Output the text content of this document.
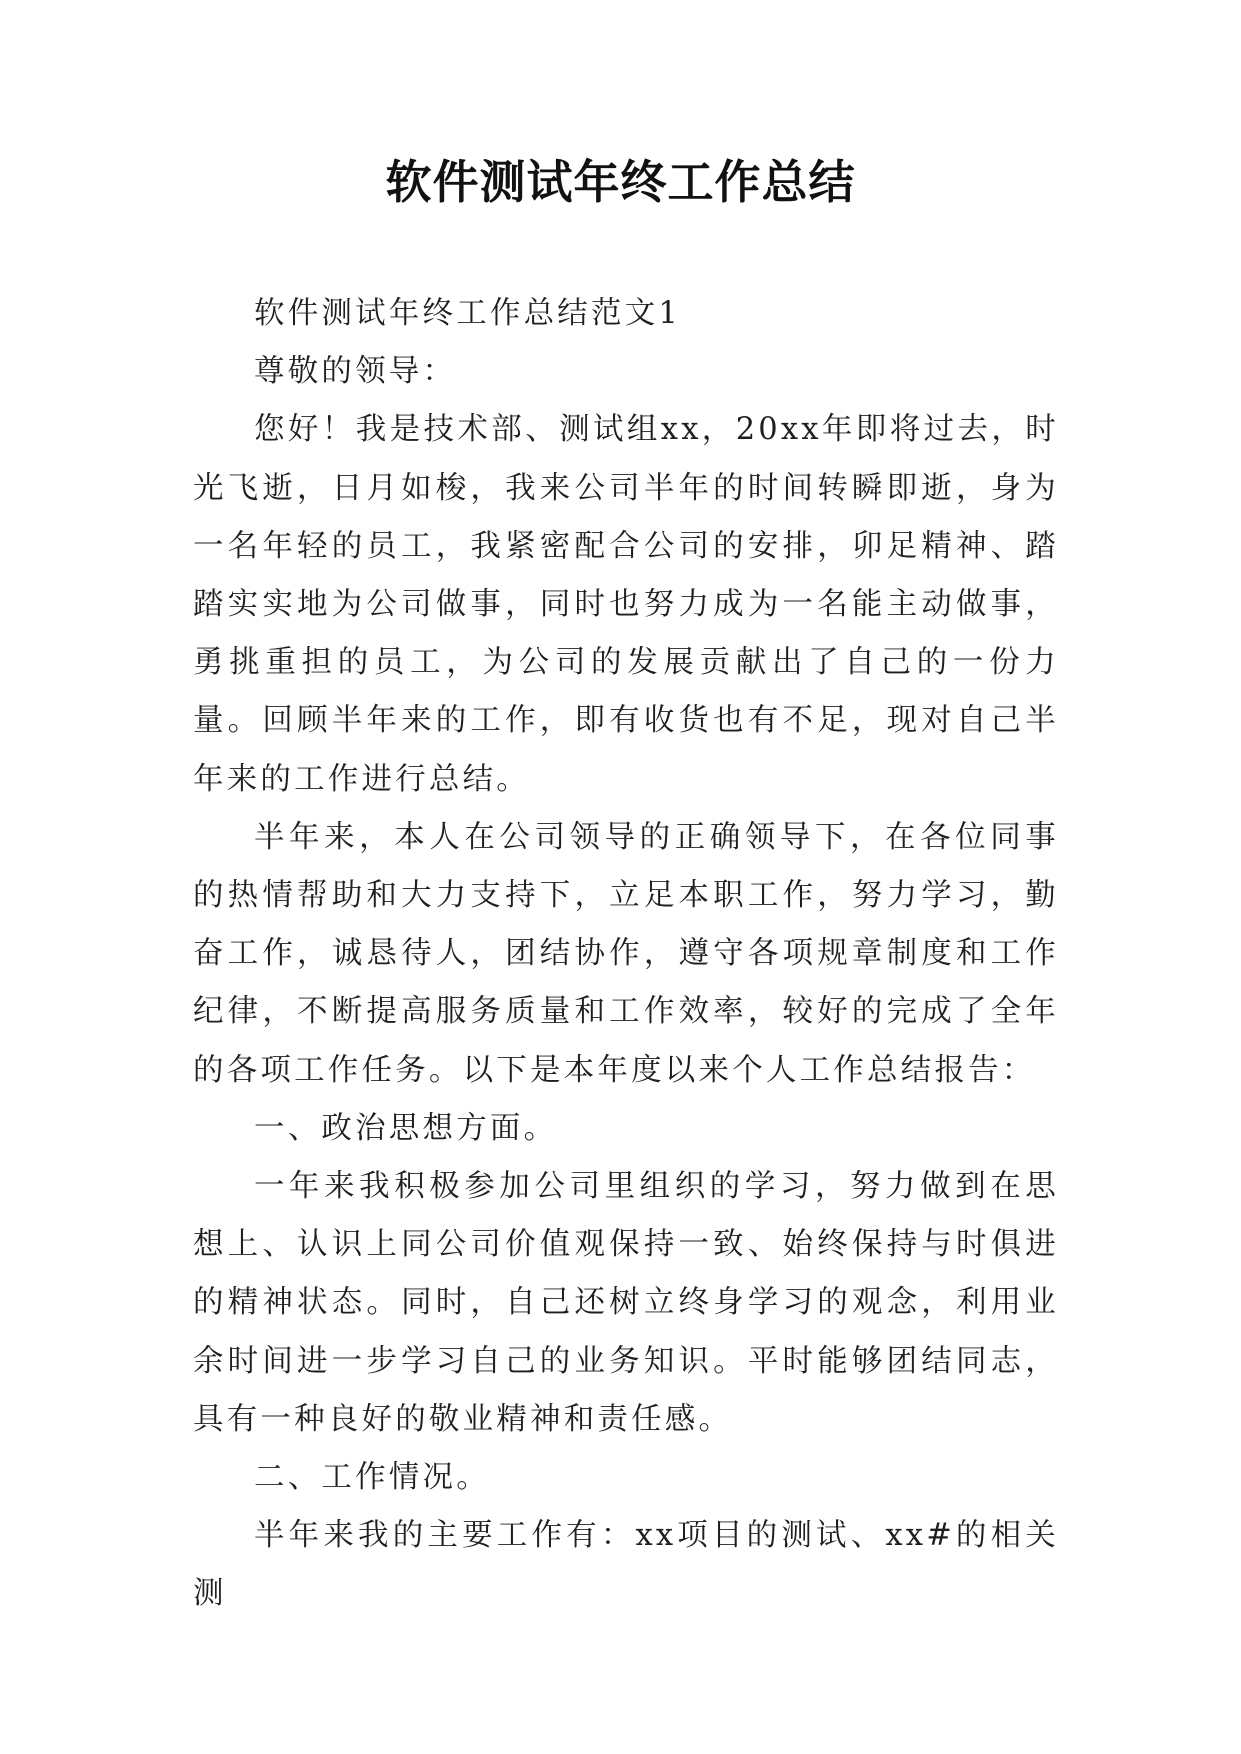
软件测试年终工作总结

软件测试年终工作总结范文1

尊敬的领导：

您好！我是技术部、测试组xx，20xx年即将过去，时光飞逝，日月如梭，我来公司半年的时间转瞬即逝，身为一名年轻的员工，我紧密配合公司的安排，卯足精神、踏踏实实地为公司做事，同时也努力成为一名能主动做事，勇挑重担的员工，为公司的发展贡献出了自己的一份力量。回顾半年来的工作，即有收货也有不足，现对自己半年来的工作进行总结。

半年来，本人在公司领导的正确领导下，在各位同事的热情帮助和大力支持下，立足本职工作，努力学习，勤奋工作，诚恳待人，团结协作，遵守各项规章制度和工作纪律，不断提高服务质量和工作效率，较好的完成了全年的各项工作任务。以下是本年度以来个人工作总结报告：

一、政治思想方面。

一年来我积极参加公司里组织的学习，努力做到在思想上、认识上同公司价值观保持一致、始终保持与时俱进的精神状态。同时，自己还树立终身学习的观念，利用业余时间进一步学习自己的业务知识。平时能够团结同志，具有一种良好的敬业精神和责任感。

二、工作情况。

半年来我的主要工作有：xx项目的测试、xx#的相关测
